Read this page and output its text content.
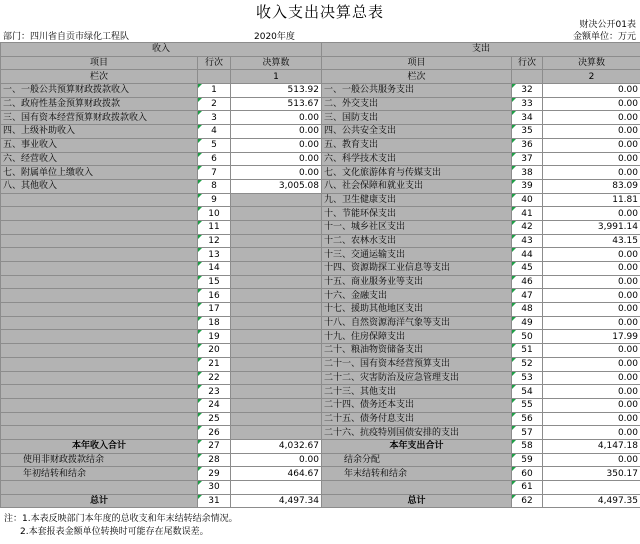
收入支出决算总表
财决公开01表
部门：四川省自贡市绿化工程队	2020年度	金额单位：万元
收入			支出		
项目	行次	决算数	项目	行次	决算数
栏次		1	栏次		2
一、一般公共预算财政拨款收入	1	513.92	一、一般公共服务支出	32	0.00
二、政府性基金预算财政拨款	2	513.67	二、外交支出	33	0.00
三、国有资本经营预算财政拨款收入	3	0.00	三、国防支出	34	0.00
四、上级补助收入	4	0.00	四、公共安全支出	35	0.00
五、事业收入	5	0.00	五、教育支出	36	0.00
六、经营收入	6	0.00	六、科学技术支出	37	0.00
七、附属单位上缴收入	7	0.00	七、文化旅游体育与传媒支出	38	0.00
八、其他收入	8	3,005.08	八、社会保障和就业支出	39	83.09
	9		九、卫生健康支出	40	11.81
	10		十、节能环保支出	41	0.00
	11		十一、城乡社区支出	42	3,991.14
	12		十二、农林水支出	43	43.15
	13		十三、交通运输支出	44	0.00
	14		十四、资源勘探工业信息等支出	45	0.00
	15		十五、商业服务业等支出	46	0.00
	16		十六、金融支出	47	0.00
	17		十七、援助其他地区支出	48	0.00
	18		十八、自然资源海洋气象等支出	49	0.00
	19		十九、住房保障支出	50	17.99
	20		二十、粮油物资储备支出	51	0.00
	21		二十一、国有资本经营预算支出	52	0.00
	22		二十二、灾害防治及应急管理支出	53	0.00
	23		二十三、其他支出	54	0.00
	24		二十四、债务还本支出	55	0.00
	25		二十五、债务付息支出	56	0.00
	26		二十六、抗疫特别国债安排的支出	57	0.00
本年收入合计	27	4,032.67	本年支出合计	58	4,147.18
使用非财政拨款结余	28	0.00	结余分配	59	0.00
年初结转和结余	29	464.67	年末结转和结余	60	350.17
	30			61	
总计	31	4,497.34	总计	62	4,497.35
注：1.本表反映部门本年度的总收支和年末结转结余情况。
2.本套报表金额单位转换时可能存在尾数误差。
